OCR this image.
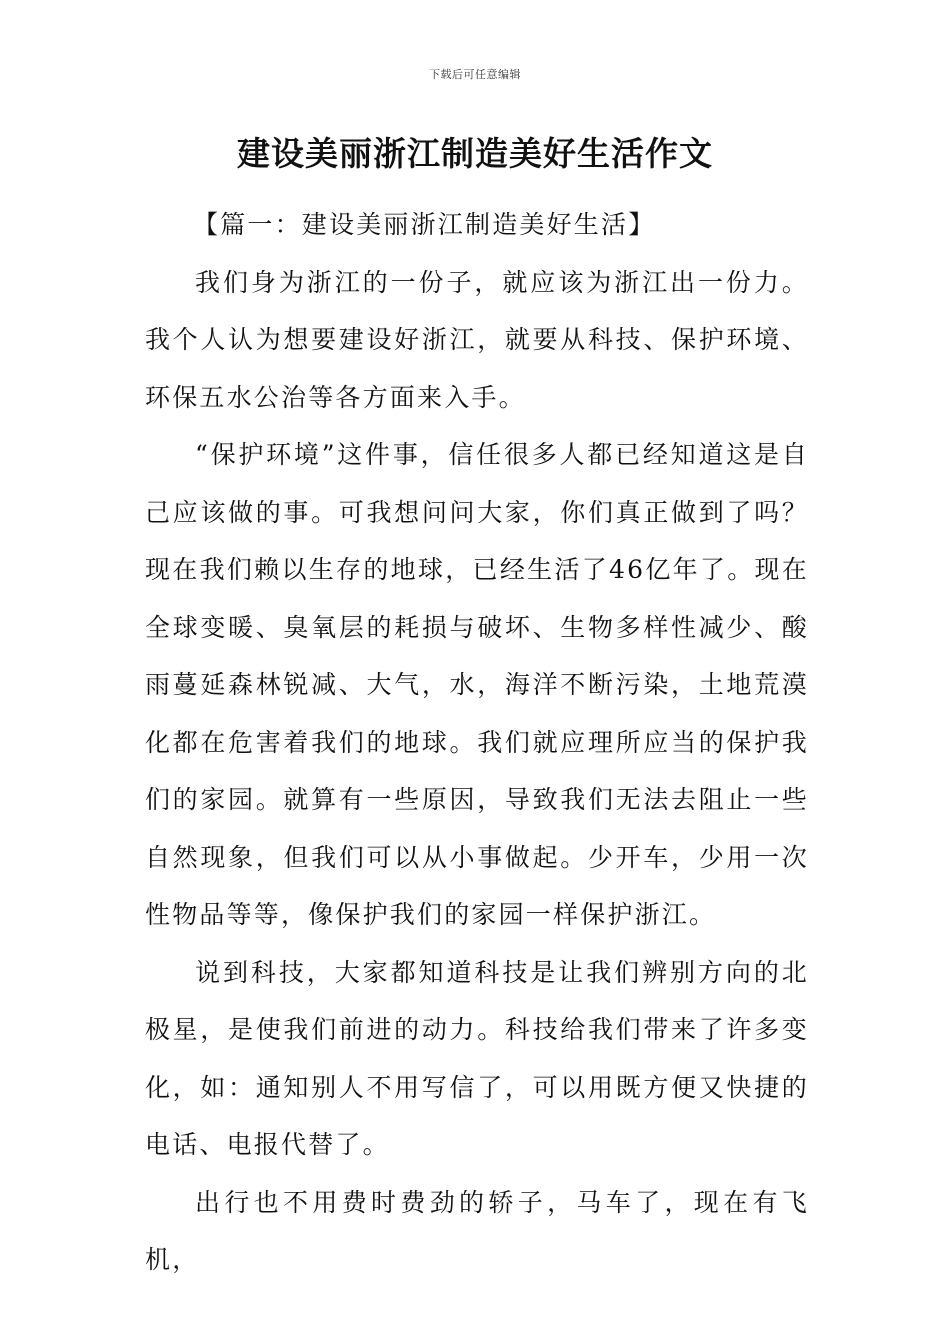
下载后可任意编辑
建设美丽浙江制造美好生活作文
【篇一：建设美丽浙江制造美好生活】

我们身为浙江的一份子，就应该为浙江出一份力。我个人认为想要建设好浙江，就要从科技、保护环境、环保五水公治等各方面来入手。

“保护环境”这件事，信任很多人都已经知道这是自己应该做的事。可我想问问大家，你们真正做到了吗？现在我们赖以生存的地球，已经生活了46亿年了。现在全球变暖、臭氧层的耗损与破坏、生物多样性减少、酸雨蔓延森林锐减、大气，水，海洋不断污染，土地荒漠化都在危害着我们的地球。我们就应理所应当的保护我们的家园。就算有一些原因，导致我们无法去阻止一些自然现象，但我们可以从小事做起。少开车，少用一次性物品等等，像保护我们的家园一样保护浙江。

说到科技，大家都知道科技是让我们辨别方向的北极星，是使我们前进的动力。科技给我们带来了许多变化，如：通知别人不用写信了，可以用既方便又快捷的电话、电报代替了。

出行也不用费时费劲的轿子，马车了，现在有飞机，
